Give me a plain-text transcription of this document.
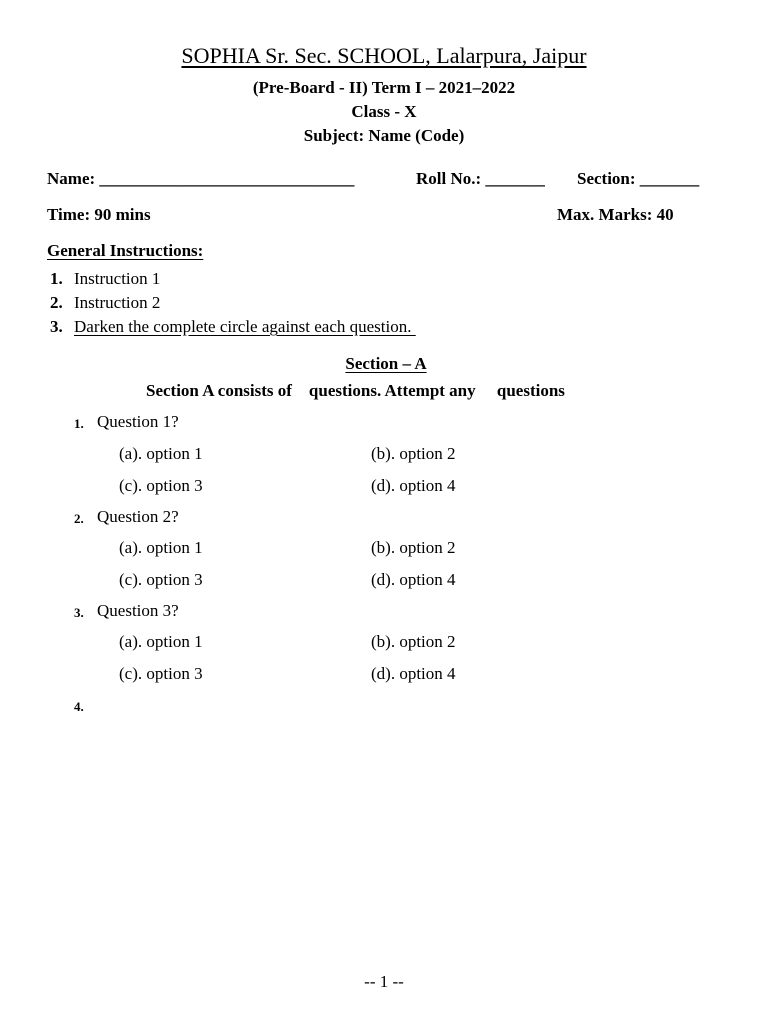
SOPHIA Sr. Sec. SCHOOL, Lalarpura, Jaipur
(Pre-Board - II) Term I – 2021–2022
Class - X
Subject: Name (Code)
Name: ______________________________	Roll No.: _______ Section: _______
Time: 90 mins	Max. Marks: 40
General Instructions:
1. Instruction 1
2. Instruction 2
3. Darken the complete circle against each question.
Section – A
Section A consists of    questions. Attempt any     questions
1. Question 1?
(a). option 1	(b). option 2
(c). option 3	(d). option 4
2. Question 2?
(a). option 1	(b). option 2
(c). option 3	(d). option 4
3. Question 3?
(a). option 1	(b). option 2
(c). option 3	(d). option 4
4.
-- 1 --
